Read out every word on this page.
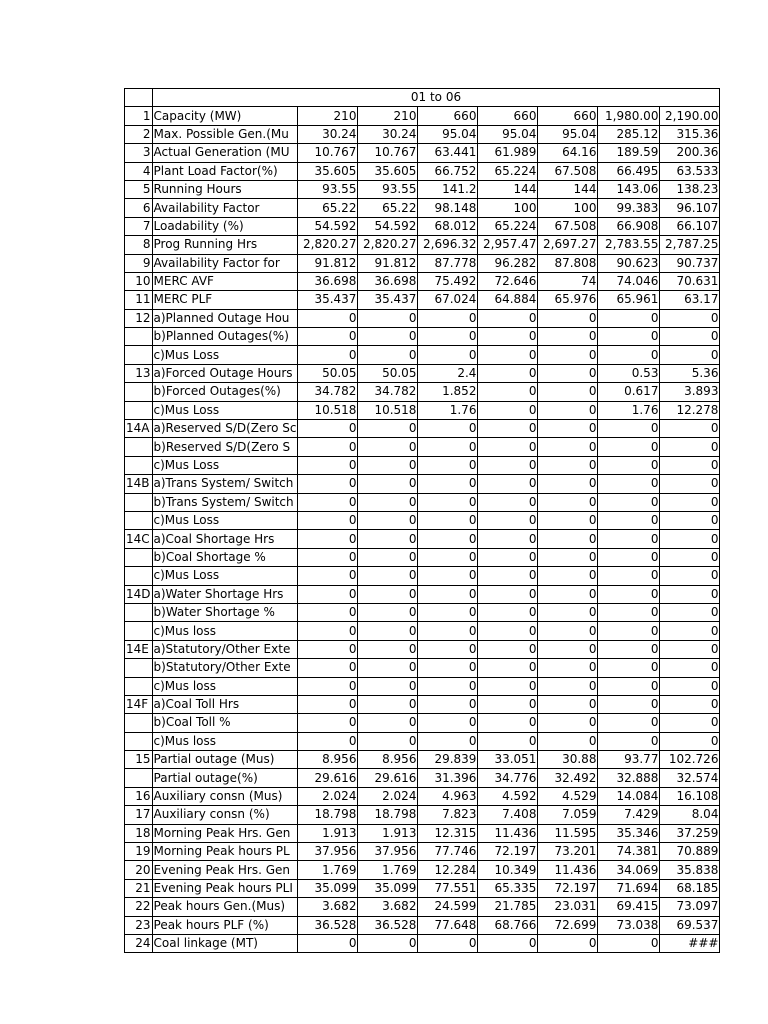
	01 to 06							
1	Capacity (MW)	210	210	660	660	660	1,980.00	2,190.00
2	Max. Possible Gen.(Mu	30.24	30.24	95.04	95.04	95.04	285.12	315.36
3	Actual Generation (MU	10.767	10.767	63.441	61.989	64.16	189.59	200.36
4	Plant Load Factor(%)	35.605	35.605	66.752	65.224	67.508	66.495	63.533
5	Running Hours	93.55	93.55	141.2	144	144	143.06	138.23
6	Availability Factor	65.22	65.22	98.148	100	100	99.383	96.107
7	Loadability (%)	54.592	54.592	68.012	65.224	67.508	66.908	66.107
8	Prog Running Hrs	2,820.27	2,820.27	2,696.32	2,957.47	2,697.27	2,783.55	2,787.25
9	Availability Factor for	91.812	91.812	87.778	96.282	87.808	90.623	90.737
10	MERC AVF	36.698	36.698	75.492	72.646	74	74.046	70.631
11	MERC PLF	35.437	35.437	67.024	64.884	65.976	65.961	63.17
12	a)Planned Outage Hou	0	0	0	0	0	0	0
	b)Planned Outages(%)	0	0	0	0	0	0	0
	c)Mus Loss	0	0	0	0	0	0	0
13	a)Forced Outage Hours	50.05	50.05	2.4	0	0	0.53	5.36
	b)Forced Outages(%)	34.782	34.782	1.852	0	0	0.617	3.893
	c)Mus Loss	10.518	10.518	1.76	0	0	1.76	12.278
14A	a)Reserved S/D(Zero Sc	0	0	0	0	0	0	0
	b)Reserved S/D(Zero S	0	0	0	0	0	0	0
	c)Mus Loss	0	0	0	0	0	0	0
14B	a)Trans System/ Switch	0	0	0	0	0	0	0
	b)Trans System/ Switch	0	0	0	0	0	0	0
	c)Mus Loss	0	0	0	0	0	0	0
14C	a)Coal Shortage Hrs	0	0	0	0	0	0	0
	b)Coal Shortage %	0	0	0	0	0	0	0
	c)Mus Loss	0	0	0	0	0	0	0
14D	a)Water Shortage Hrs	0	0	0	0	0	0	0
	b)Water Shortage %	0	0	0	0	0	0	0
	c)Mus loss	0	0	0	0	0	0	0
14E	a)Statutory/Other Exte	0	0	0	0	0	0	0
	b)Statutory/Other Exte	0	0	0	0	0	0	0
	c)Mus loss	0	0	0	0	0	0	0
14F	a)Coal Toll Hrs	0	0	0	0	0	0	0
	b)Coal Toll %	0	0	0	0	0	0	0
	c)Mus loss	0	0	0	0	0	0	0
15	Partial outage (Mus)	8.956	8.956	29.839	33.051	30.88	93.77	102.726
	Partial outage(%)	29.616	29.616	31.396	34.776	32.492	32.888	32.574
16	Auxiliary consn (Mus)	2.024	2.024	4.963	4.592	4.529	14.084	16.108
17	Auxiliary consn (%)	18.798	18.798	7.823	7.408	7.059	7.429	8.04
18	Morning Peak Hrs. Gen	1.913	1.913	12.315	11.436	11.595	35.346	37.259
19	Morning Peak hours PL	37.956	37.956	77.746	72.197	73.201	74.381	70.889
20	Evening Peak Hrs. Gen	1.769	1.769	12.284	10.349	11.436	34.069	35.838
21	Evening Peak hours PLI	35.099	35.099	77.551	65.335	72.197	71.694	68.185
22	Peak hours Gen.(Mus)	3.682	3.682	24.599	21.785	23.031	69.415	73.097
23	Peak hours PLF (%)	36.528	36.528	77.648	68.766	72.699	73.038	69.537
24	Coal linkage (MT)	0	0	0	0	0	0	###
